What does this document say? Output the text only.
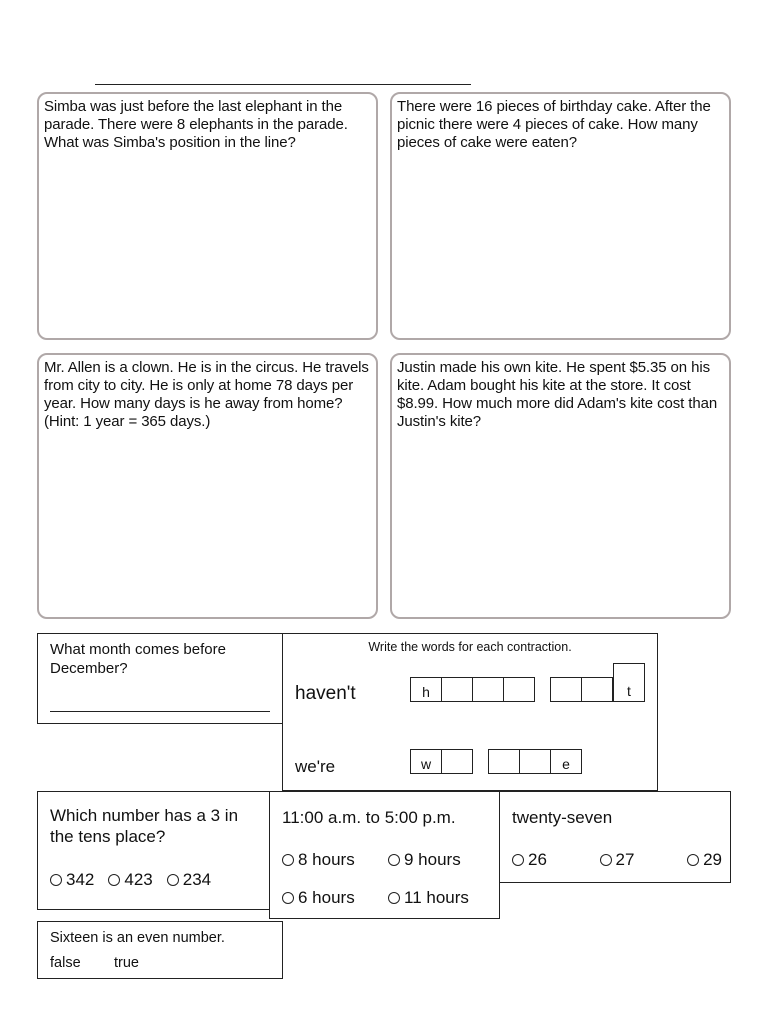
Simba was just before the last elephant in the parade. There were 8 elephants in the parade. What was Simba's position in the line?
There were 16 pieces of birthday cake. After the picnic there were 4 pieces of cake. How many pieces of cake were eaten?
Mr. Allen is a clown. He is in the circus. He travels from city to city. He is only at home 78 days per year. How many days is he away from home? (Hint: 1 year = 365 days.)
Justin made his own kite. He spent $5.35 on his kite. Adam bought his kite at the store. It cost $8.99. How much more did Adam's kite cost than Justin's kite?
What month comes before December?
Write the words for each contraction.
haven't	h	t
we're	w	e
Which number has a 3 in the tens place?
342 423 234
11:00 a.m. to 5:00 p.m.
8 hours	9 hours
6 hours	11 hours
twenty-seven
26	27	29
Sixteen is an even number.
false true
